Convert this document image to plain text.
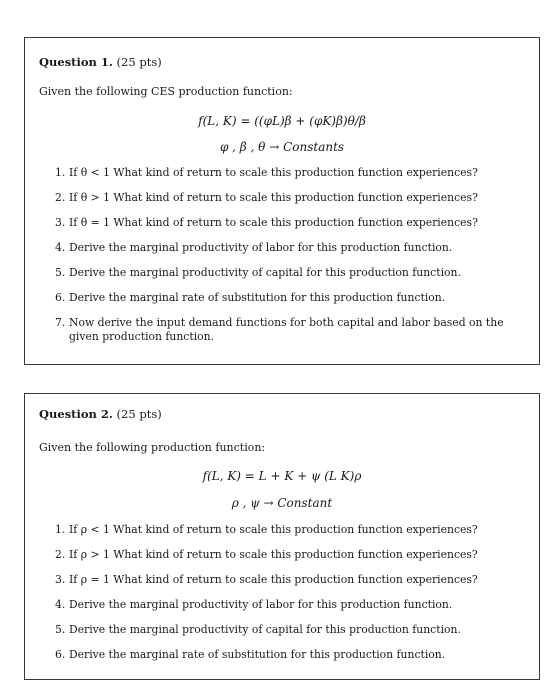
Question 1. (25 pts)
Given the following CES production function:
f(L, K) = ((φL)β + (φK)β)θ/β
φ , β , θ → Constants
1. If θ < 1 What kind of return to scale this production function experiences?
2. If θ > 1 What kind of return to scale this production function experiences?
3. If θ = 1 What kind of return to scale this production function experiences?
4. Derive the marginal productivity of labor for this production function.
5. Derive the marginal productivity of capital for this production function.
6. Derive the marginal rate of substitution for this production function.
7. Now derive the input demand functions for both capital and labor based on the given production function.
Question 2. (25 pts)
Given the following production function:
f(L, K) = L + K + ψ (L K)ρ
ρ , ψ → Constant
1. If ρ < 1 What kind of return to scale this production function experiences?
2. If ρ > 1 What kind of return to scale this production function experiences?
3. If ρ = 1 What kind of return to scale this production function experiences?
4. Derive the marginal productivity of labor for this production function.
5. Derive the marginal productivity of capital for this production function.
6. Derive the marginal rate of substitution for this production function.
